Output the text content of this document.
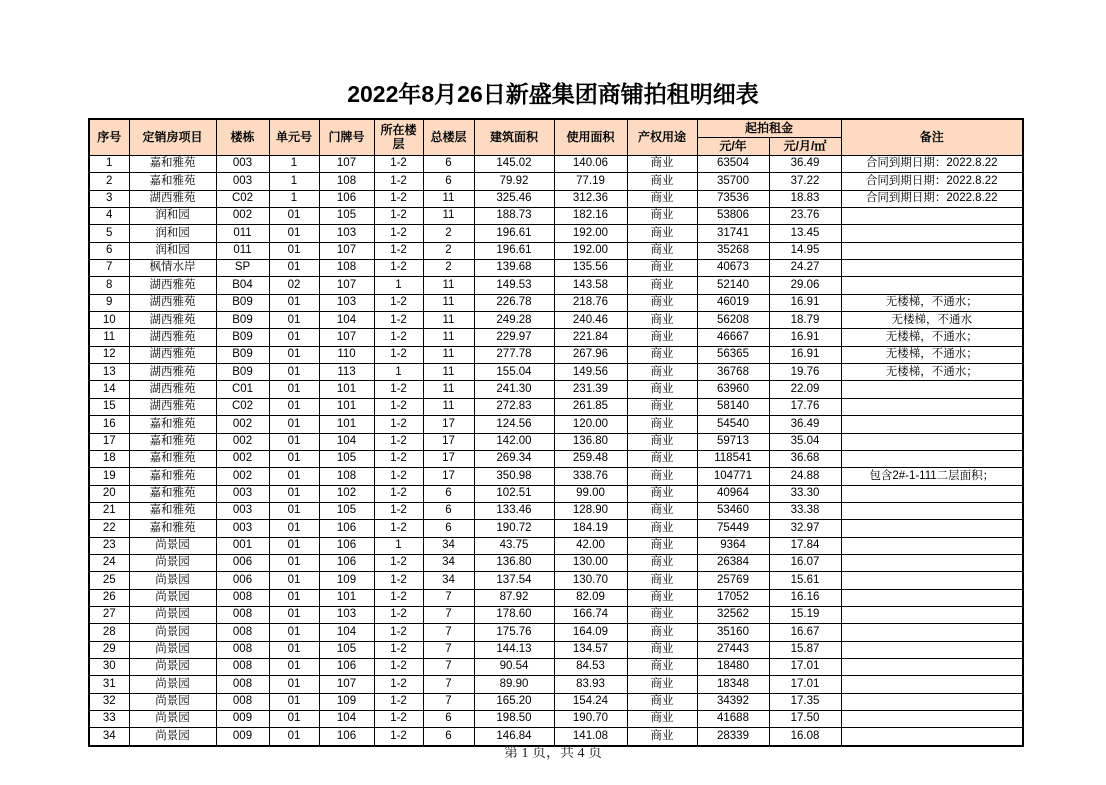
2022年8月26日新盛集团商铺拍租明细表
序号	定销房项目	楼栋	单元号	门牌号	所在楼层	总楼层	建筑面积	使用面积	产权用途	起拍租金		备注
										元/年	元/月/㎡	
1	嘉和雅苑	003	1	107	1-2	6	145.02	140.06	商业	63504	36.49	合同到期日期：2022.8.22
2	嘉和雅苑	003	1	108	1-2	6	79.92	77.19	商业	35700	37.22	合同到期日期：2022.8.22
3	湖西雅苑	C02	1	106	1-2	11	325.46	312.36	商业	73536	18.83	合同到期日期：2022.8.22
4	润和园	002	01	105	1-2	11	188.73	182.16	商业	53806	23.76	
5	润和园	011	01	103	1-2	2	196.61	192.00	商业	31741	13.45	
6	润和园	011	01	107	1-2	2	196.61	192.00	商业	35268	14.95	
7	枫情水岸	SP	01	108	1-2	2	139.68	135.56	商业	40673	24.27	
8	湖西雅苑	B04	02	107	1	11	149.53	143.58	商业	52140	29.06	
9	湖西雅苑	B09	01	103	1-2	11	226.78	218.76	商业	46019	16.91	无楼梯，不通水；
10	湖西雅苑	B09	01	104	1-2	11	249.28	240.46	商业	56208	18.79	无楼梯，不通水
11	湖西雅苑	B09	01	107	1-2	11	229.97	221.84	商业	46667	16.91	无楼梯，不通水；
12	湖西雅苑	B09	01	110	1-2	11	277.78	267.96	商业	56365	16.91	无楼梯，不通水；
13	湖西雅苑	B09	01	113	1	11	155.04	149.56	商业	36768	19.76	无楼梯，不通水；
14	湖西雅苑	C01	01	101	1-2	11	241.30	231.39	商业	63960	22.09	
15	湖西雅苑	C02	01	101	1-2	11	272.83	261.85	商业	58140	17.76	
16	嘉和雅苑	002	01	101	1-2	17	124.56	120.00	商业	54540	36.49	
17	嘉和雅苑	002	01	104	1-2	17	142.00	136.80	商业	59713	35.04	
18	嘉和雅苑	002	01	105	1-2	17	269.34	259.48	商业	118541	36.68	
19	嘉和雅苑	002	01	108	1-2	17	350.98	338.76	商业	104771	24.88	包含2#-1-111二层面积；
20	嘉和雅苑	003	01	102	1-2	6	102.51	99.00	商业	40964	33.30	
21	嘉和雅苑	003	01	105	1-2	6	133.46	128.90	商业	53460	33.38	
22	嘉和雅苑	003	01	106	1-2	6	190.72	184.19	商业	75449	32.97	
23	尚景园	001	01	106	1	34	43.75	42.00	商业	9364	17.84	
24	尚景园	006	01	106	1-2	34	136.80	130.00	商业	26384	16.07	
25	尚景园	006	01	109	1-2	34	137.54	130.70	商业	25769	15.61	
26	尚景园	008	01	101	1-2	7	87.92	82.09	商业	17052	16.16	
27	尚景园	008	01	103	1-2	7	178.60	166.74	商业	32562	15.19	
28	尚景园	008	01	104	1-2	7	175.76	164.09	商业	35160	16.67	
29	尚景园	008	01	105	1-2	7	144.13	134.57	商业	27443	15.87	
30	尚景园	008	01	106	1-2	7	90.54	84.53	商业	18480	17.01	
31	尚景园	008	01	107	1-2	7	89.90	83.93	商业	18348	17.01	
32	尚景园	008	01	109	1-2	7	165.20	154.24	商业	34392	17.35	
33	尚景园	009	01	104	1-2	6	198.50	190.70	商业	41688	17.50	
34	尚景园	009	01	106	1-2	6	146.84	141.08	商业	28339	16.08	
第 1 页，共 4 页
